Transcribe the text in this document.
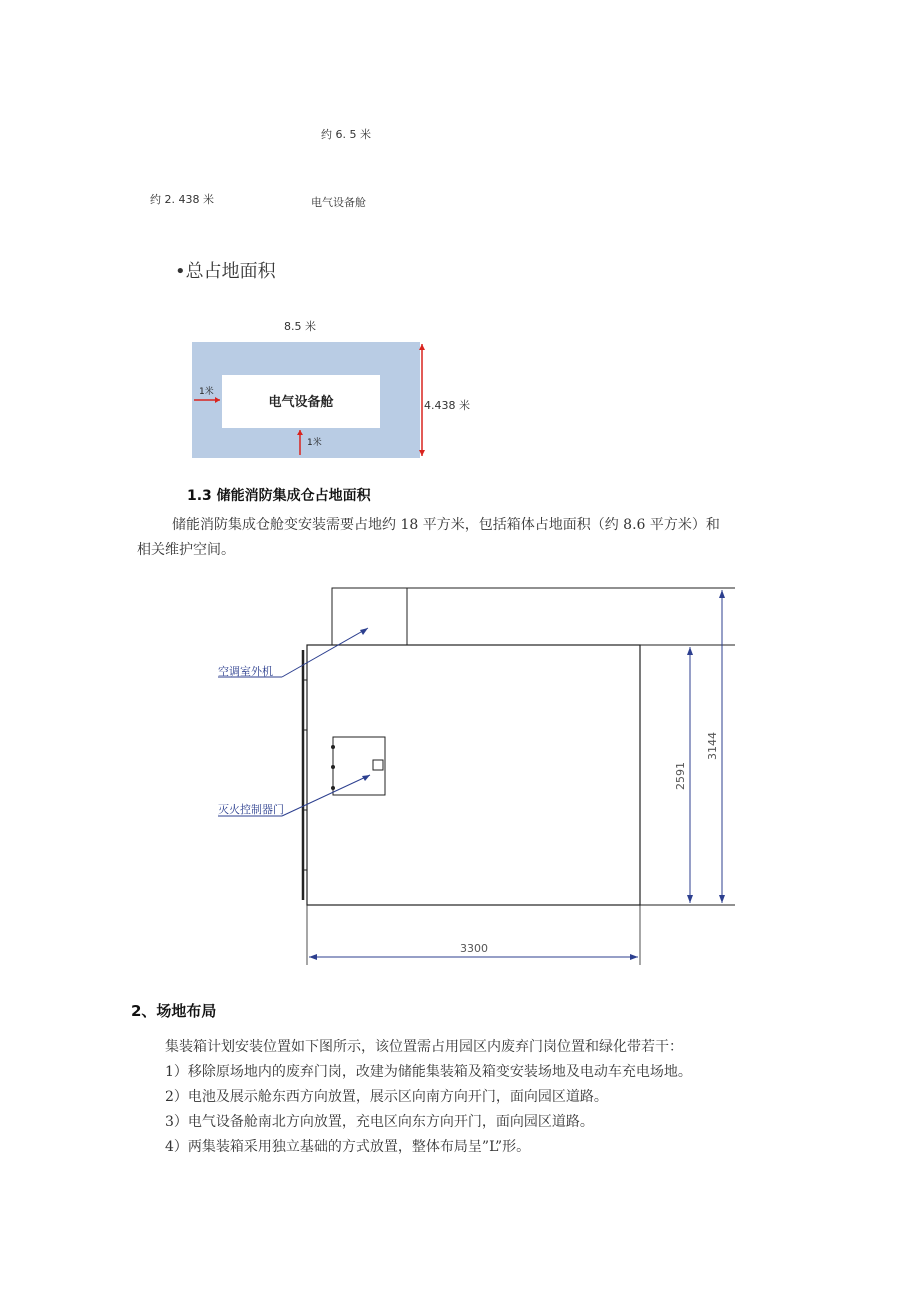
约 6. 5 米
约 2. 438 米	电气设备舱
•总占地面积
8.5 米
电气设备舱
1米
1米
4.438 米
1.3 储能消防集成仓占地面积

储能消防集成仓舱变安装需要占地约 18 平方米，包括箱体占地面积（约 8.6 平方米）和

相关维护空间。

空调室外机
灭火控制器门
3300
2591
3144
2、场地布局

集装箱计划安装位置如下图所示，该位置需占用园区内废弃门岗位置和绿化带若干：

1）移除原场地内的废弃门岗，改建为储能集装箱及箱变安装场地及电动车充电场地。

2）电池及展示舱东西方向放置，展示区向南方向开门，面向园区道路。

3）电气设备舱南北方向放置，充电区向东方向开门，面向园区道路。

4）两集装箱采用独立基础的方式放置，整体布局呈”L”形。
